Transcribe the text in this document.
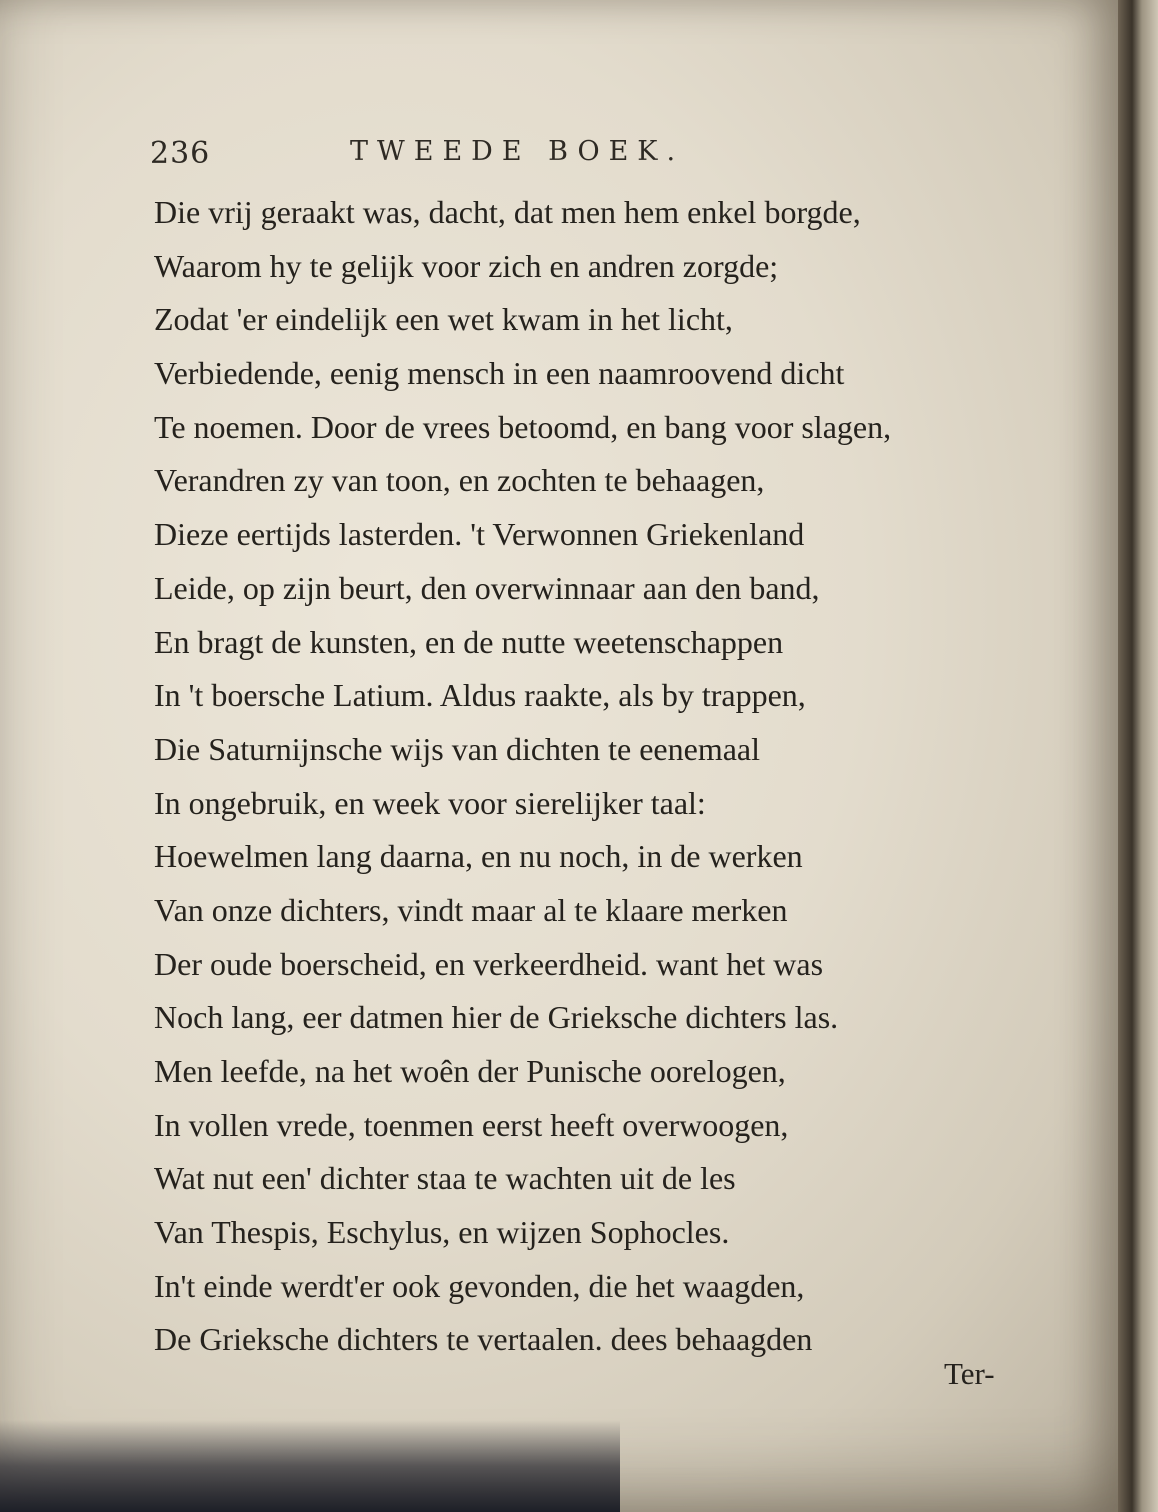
236	TWEEDE BOEK.
Die vrij geraakt was, dacht, dat men hem enkel borgde,
Waarom hy te gelijk voor zich en andren zorgde;
Zodat 'er eindelijk een wet kwam in het licht,
Verbiedende, eenig mensch in een naamroovend dicht
Te noemen. Door de vrees betoomd, en bang voor slagen,
Verandren zy van toon, en zochten te behaagen,
Dieze eertijds lasterden. 't Verwonnen Griekenland
Leide, op zijn beurt, den overwinnaar aan den band,
En bragt de kunsten, en de nutte weetenschappen
In 't boersche Latium. Aldus raakte, als by trappen,
Die Saturnijnsche wijs van dichten te eenemaal
In ongebruik, en week voor sierelijker taal:
Hoewelmen lang daarna, en nu noch, in de werken
Van onze dichters, vindt maar al te klaare merken
Der oude boerscheid, en verkeerdheid. want het was
Noch lang, eer datmen hier de Grieksche dichters las.
Men leefde, na het woên der Punische oorelogen,
In vollen vrede, toenmen eerst heeft overwoogen,
Wat nut een' dichter staa te wachten uit de les
Van Thespis, Eschylus, en wijzen Sophocles.
In't einde werdt'er ook gevonden, die het waagden,
De Grieksche dichters te vertaalen. dees behaagden
Ter-
